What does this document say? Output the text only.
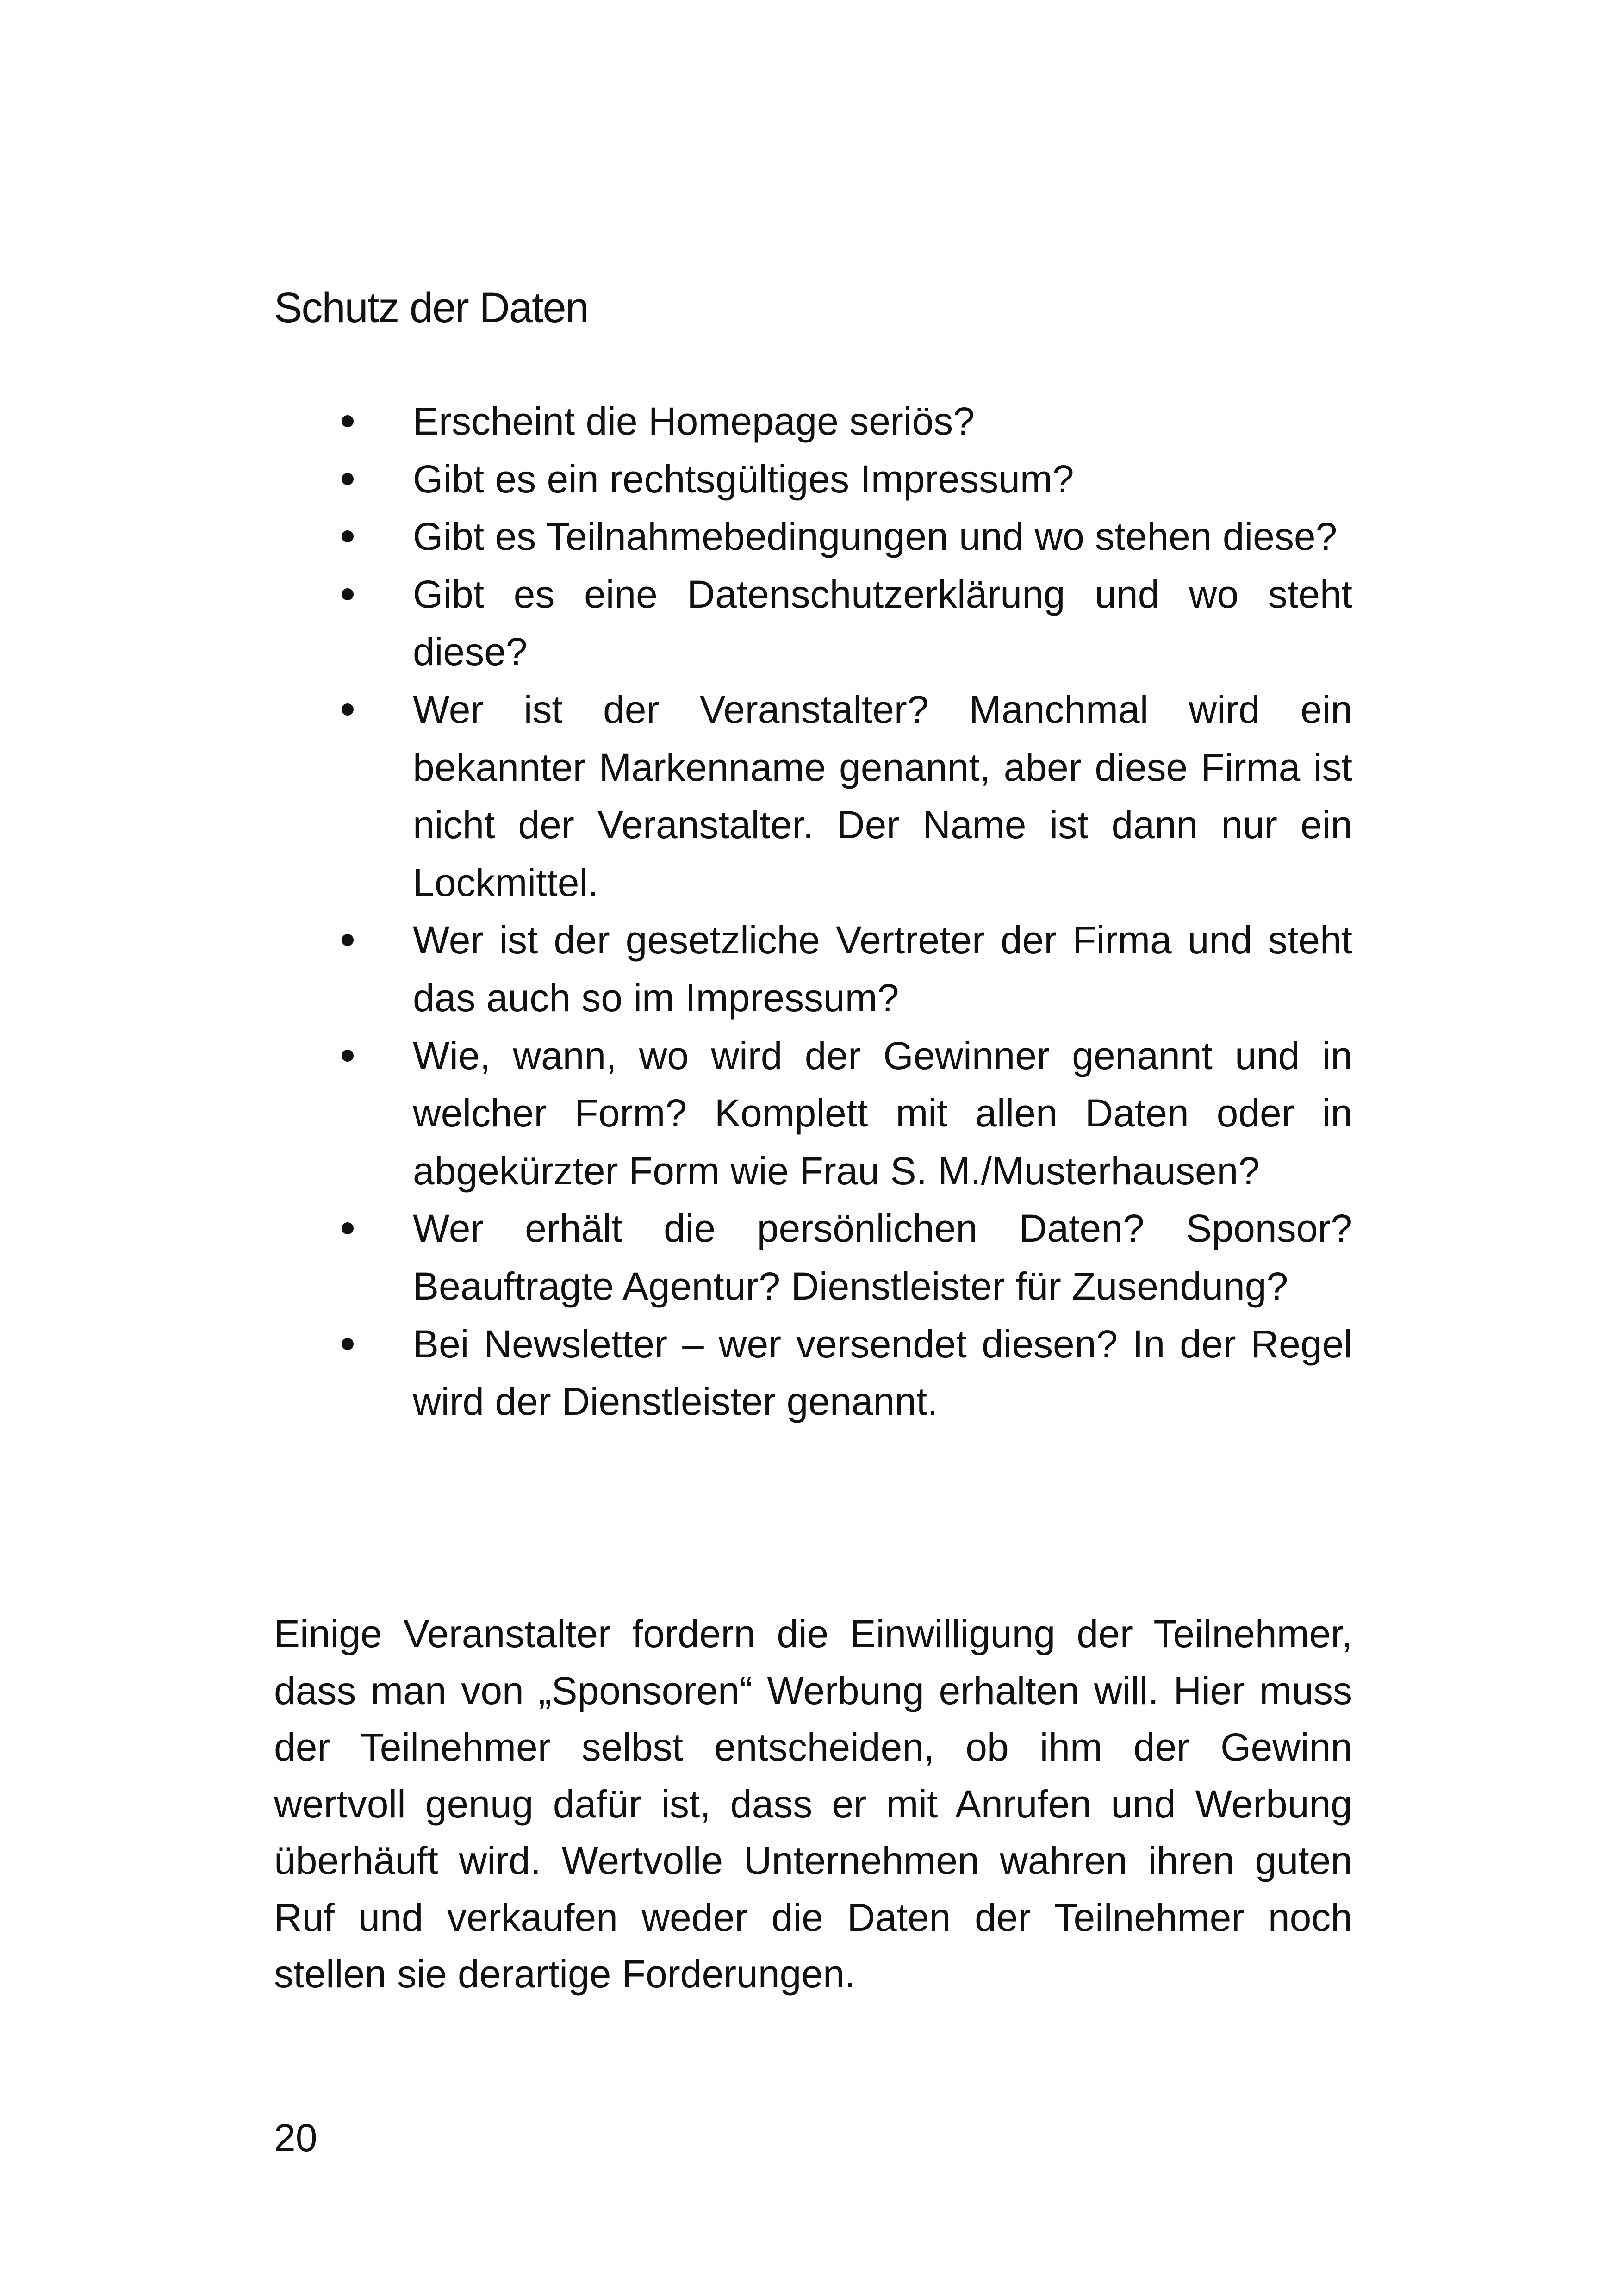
Schutz der Daten
Erscheint die Homepage seriös?
Gibt es ein rechtsgültiges Impressum?
Gibt es Teilnahmebedingungen und wo stehen diese?
Gibt es eine Datenschutzerklärung und wo steht diese?
Wer ist der Veranstalter? Manchmal wird ein bekannter Markenname genannt, aber diese Firma ist nicht der Veranstalter. Der Name ist dann nur ein Lockmittel.
Wer ist der gesetzliche Vertreter der Firma und steht das auch so im Impressum?
Wie, wann, wo wird der Gewinner genannt und in welcher Form? Komplett mit allen Daten oder in abgekürzter Form wie Frau S. M./Musterhausen?
Wer erhält die persönlichen Daten? Sponsor? Beauftragte Agentur? Dienstleister für Zusendung?
Bei Newsletter – wer versendet diesen? In der Regel wird der Dienstleister genannt.

Einige Veranstalter fordern die Einwilligung der Teilnehmer, dass man von „Sponsoren“ Werbung erhalten will. Hier muss der Teilnehmer selbst entscheiden, ob ihm der Gewinn wertvoll genug dafür ist, dass er mit Anrufen und Werbung überhäuft wird. Wertvolle Unternehmen wahren ihren guten Ruf und verkaufen weder die Daten der Teilnehmer noch stellen sie derartige Forderungen.

20
